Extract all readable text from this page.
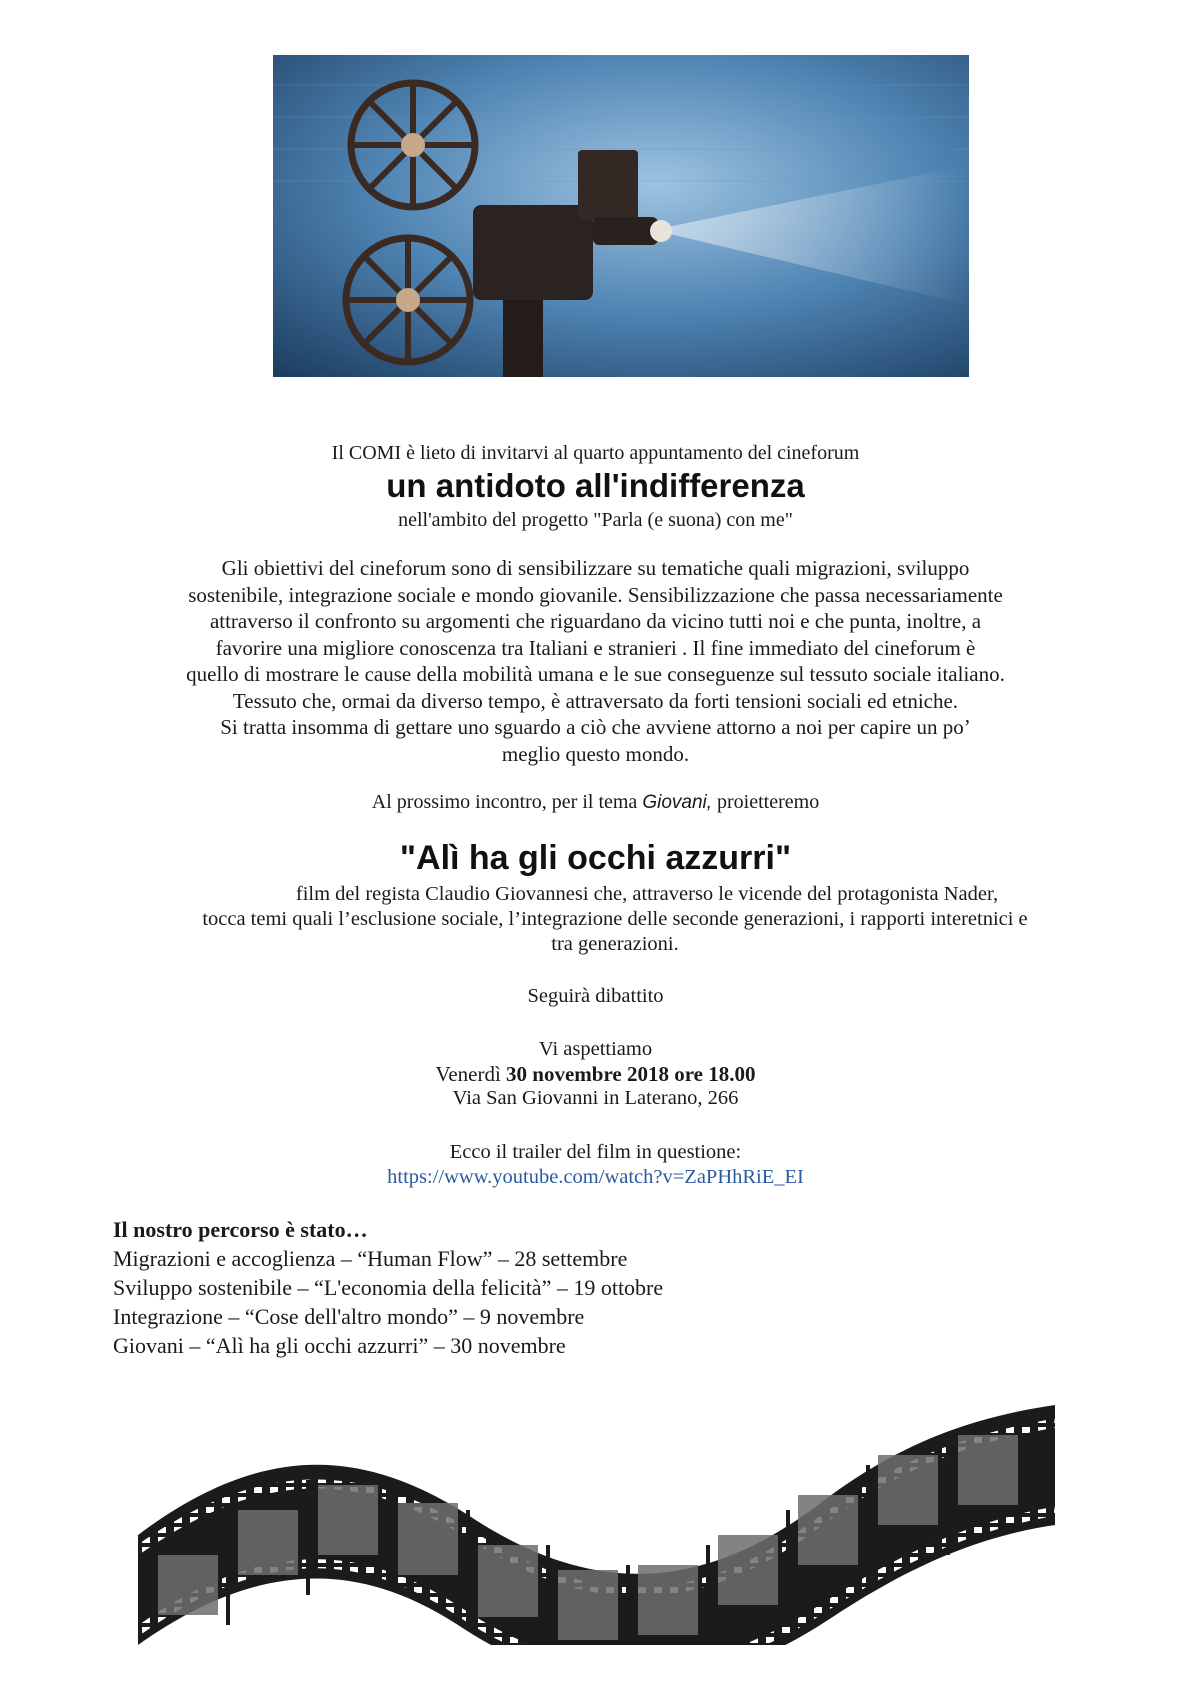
Il COMI è lieto di invitarvi al quarto appuntamento del cineforum
un antidoto all'indifferenza
nell'ambito del progetto "Parla (e suona) con me"

Gli obiettivi del cineforum sono di sensibilizzare su tematiche quali migrazioni, sviluppo
sostenibile, integrazione sociale e mondo giovanile. Sensibilizzazione che passa necessariamente
attraverso il confronto su argomenti che riguardano da vicino tutti noi e che punta, inoltre, a
favorire una migliore conoscenza tra Italiani e stranieri . Il fine immediato del cineforum è
quello di mostrare le cause della mobilità umana e le sue conseguenze sul tessuto sociale italiano.
Tessuto che, ormai da diverso tempo, è attraversato da forti tensioni sociali ed etniche.
Si tratta insomma di gettare uno sguardo a ciò che avviene attorno a noi per capire un po’
meglio questo mondo.

Al prossimo incontro, per il tema Giovani, proietteremo
"Alì ha gli occhi azzurri"

film del regista Claudio Giovannesi che, attraverso le vicende del protagonista Nader,
tocca temi quali l’esclusione sociale, l’integrazione delle seconde generazioni, i rapporti interetnici e
tra generazioni.

Seguirà dibattito
Vi aspettiamo
Venerdì 30 novembre 2018 ore 18.00
Via San Giovanni in Laterano, 266
Ecco il trailer del film in questione:
https://www.youtube.com/watch?v=ZaPHhRiE_EI
Il nostro percorso è stato…
Migrazioni e accoglienza – “Human Flow” – 28 settembre
Sviluppo sostenibile – “L'economia della felicità” – 19 ottobre
Integrazione – “Cose dell'altro mondo” – 9 novembre
Giovani – “Alì ha gli occhi azzurri” – 30 novembre
